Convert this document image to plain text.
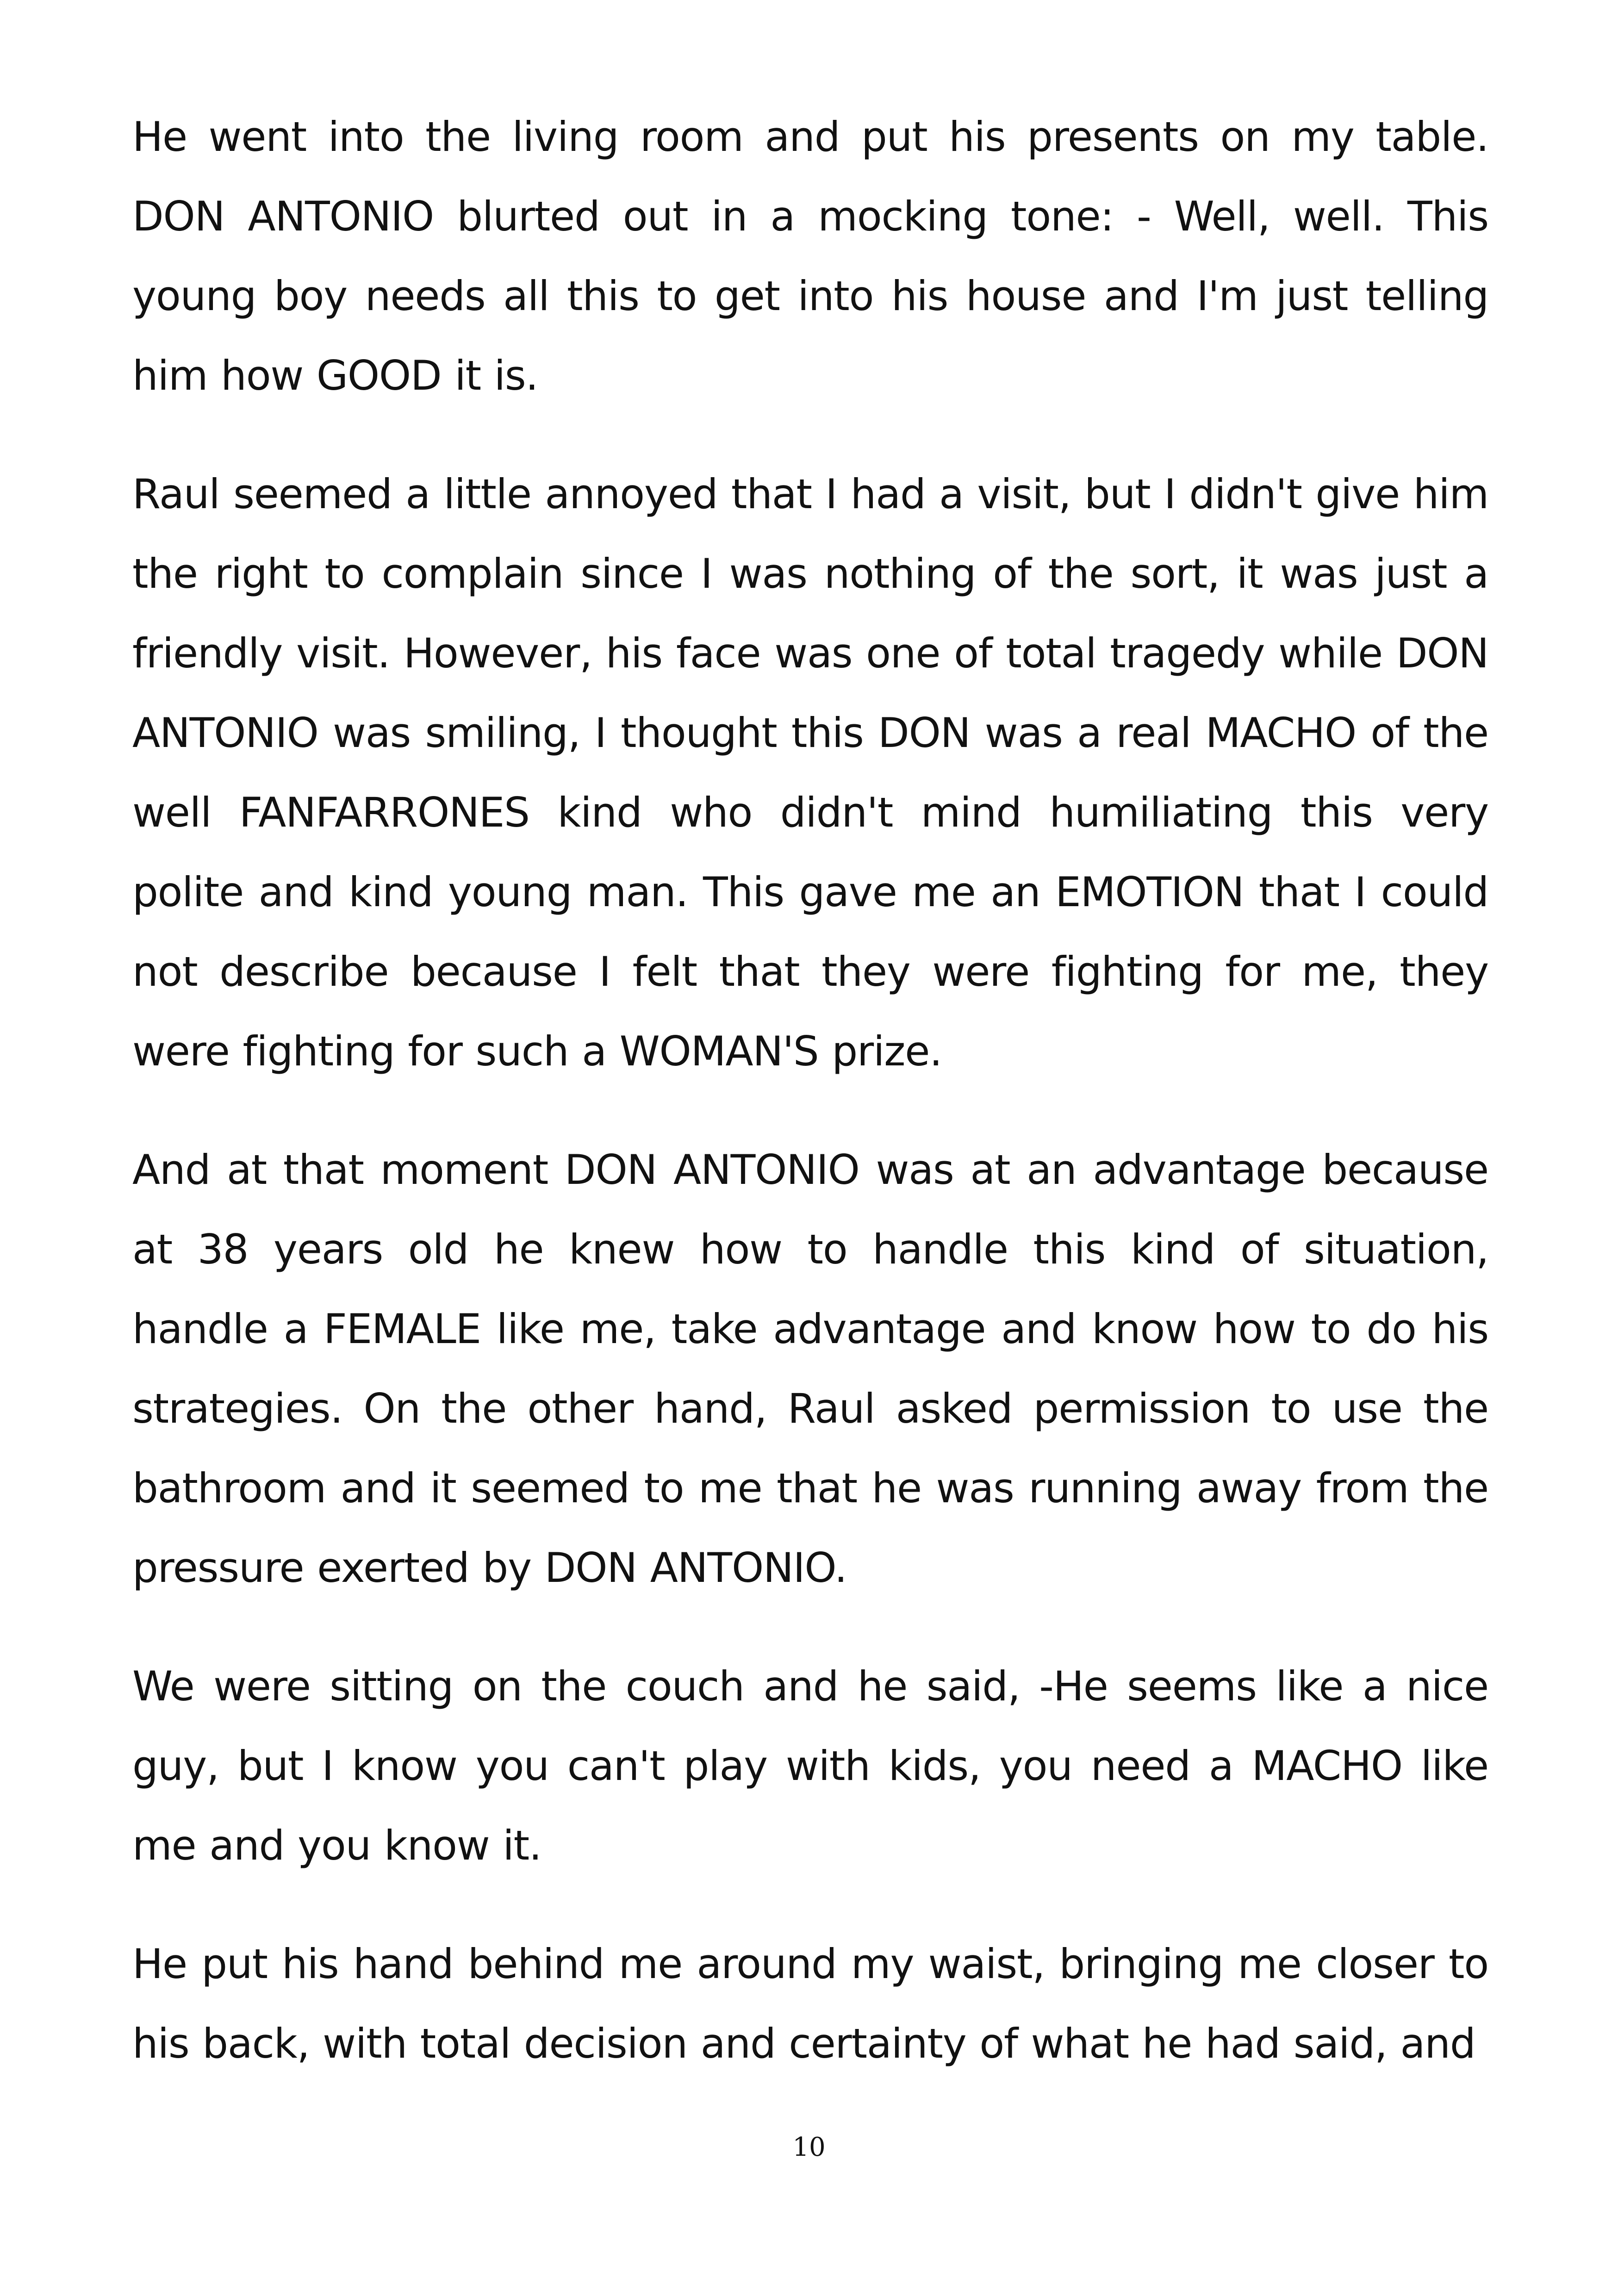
He went into the living room and put his presents on my table. DON ANTONIO blurted out in a mocking tone: - Well, well. This young boy needs all this to get into his house and I'm just telling him how GOOD it is.

Raul seemed a little annoyed that I had a visit, but I didn't give him the right to complain since I was nothing of the sort, it was just a friendly visit. However, his face was one of total tragedy while DON ANTONIO was smiling, I thought this DON was a real MACHO of the well FANFARRONES kind who didn't mind humiliating this very polite and kind young man. This gave me an EMOTION that I could not describe because I felt that they were fighting for me, they were fighting for such a WOMAN'S prize.

And at that moment DON ANTONIO was at an advantage because at 38 years old he knew how to handle this kind of situation, handle a FEMALE like me, take advantage and know how to do his strategies. On the other hand, Raul asked permission to use the bathroom and it seemed to me that he was running away from the pressure exerted by DON ANTONIO.

We were sitting on the couch and he said, -He seems like a nice guy, but I know you can't play with kids, you need a MACHO like me and you know it.

He put his hand behind me around my waist, bringing me closer to his back, with total decision and certainty of what he had said, and

10
